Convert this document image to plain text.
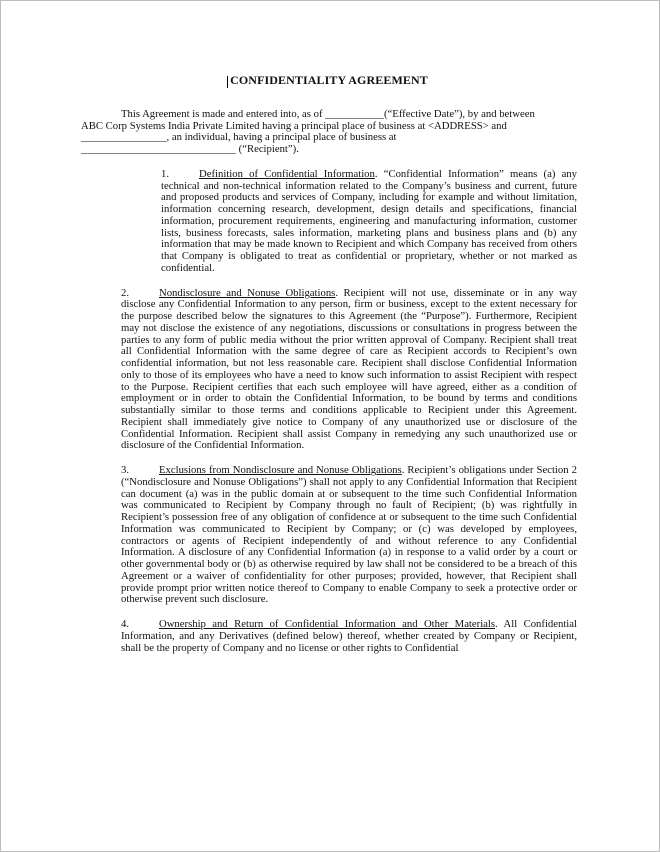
CONFIDENTIALITY AGREEMENT
This Agreement is made and entered into, as of ___________(“Effective Date”), by and between
ABC Corp Systems India Private Limited having a principal place of business at <ADDRESS> and
________________, an individual, having a principal place of business at
_____________________________ (“Recipient”).
1.	Definition of Confidential Information. “Confidential Information” means (a) any technical and non-technical information related to the Company’s business and current, future and proposed products and services of Company, including for example and without limitation, information concerning research, development, design details and specifications, financial information, procurement requirements, engineering and manufacturing information, customer lists, business forecasts, sales information, marketing plans and business plans and (b) any information that may be made known to Recipient and which Company has received from others that Company is obligated to treat as confidential or proprietary, whether or not marked as confidential.
2.	Nondisclosure and Nonuse Obligations. Recipient will not use, disseminate or in any way disclose any Confidential Information to any person, firm or business, except to the extent necessary for the purpose described below the signatures to this Agreement (the “Purpose”). Furthermore, Recipient may not disclose the existence of any negotiations, discussions or consultations in progress between the parties to any form of public media without the prior written approval of Company. Recipient shall treat all Confidential Information with the same degree of care as Recipient accords to Recipient’s own confidential information, but not less reasonable care. Recipient shall disclose Confidential Information only to those of its employees who have a need to know such information to assist Recipient with respect to the Purpose. Recipient certifies that each such employee will have agreed, either as a condition of employment or in order to obtain the Confidential Information, to be bound by terms and conditions substantially similar to those terms and conditions applicable to Recipient under this Agreement. Recipient shall immediately give notice to Company of any unauthorized use or disclosure of the Confidential Information. Recipient shall assist Company in remedying any such unauthorized use or disclosure of the Confidential Information.
3.	Exclusions from Nondisclosure and Nonuse Obligations. Recipient’s obligations under Section 2 (“Nondisclosure and Nonuse Obligations”) shall not apply to any Confidential Information that Recipient can document (a) was in the public domain at or subsequent to the time such Confidential Information was communicated to Recipient by Company through no fault of Recipient; (b) was rightfully in Recipient’s possession free of any obligation of confidence at or subsequent to the time such Confidential Information was communicated to Recipient by Company; or (c) was developed by employees, contractors or agents of Recipient independently of and without reference to any Confidential Information. A disclosure of any Confidential Information (a) in response to a valid order by a court or other governmental body or (b) as otherwise required by law shall not be considered to be a breach of this Agreement or a waiver of confidentiality for other purposes; provided, however, that Recipient shall provide prompt prior written notice thereof to Company to enable Company to seek a protective order or otherwise prevent such disclosure.
4.	Ownership and Return of Confidential Information and Other Materials. All Confidential Information, and any Derivatives (defined below) thereof, whether created by Company or Recipient, shall be the property of Company and no license or other rights to Confidential
